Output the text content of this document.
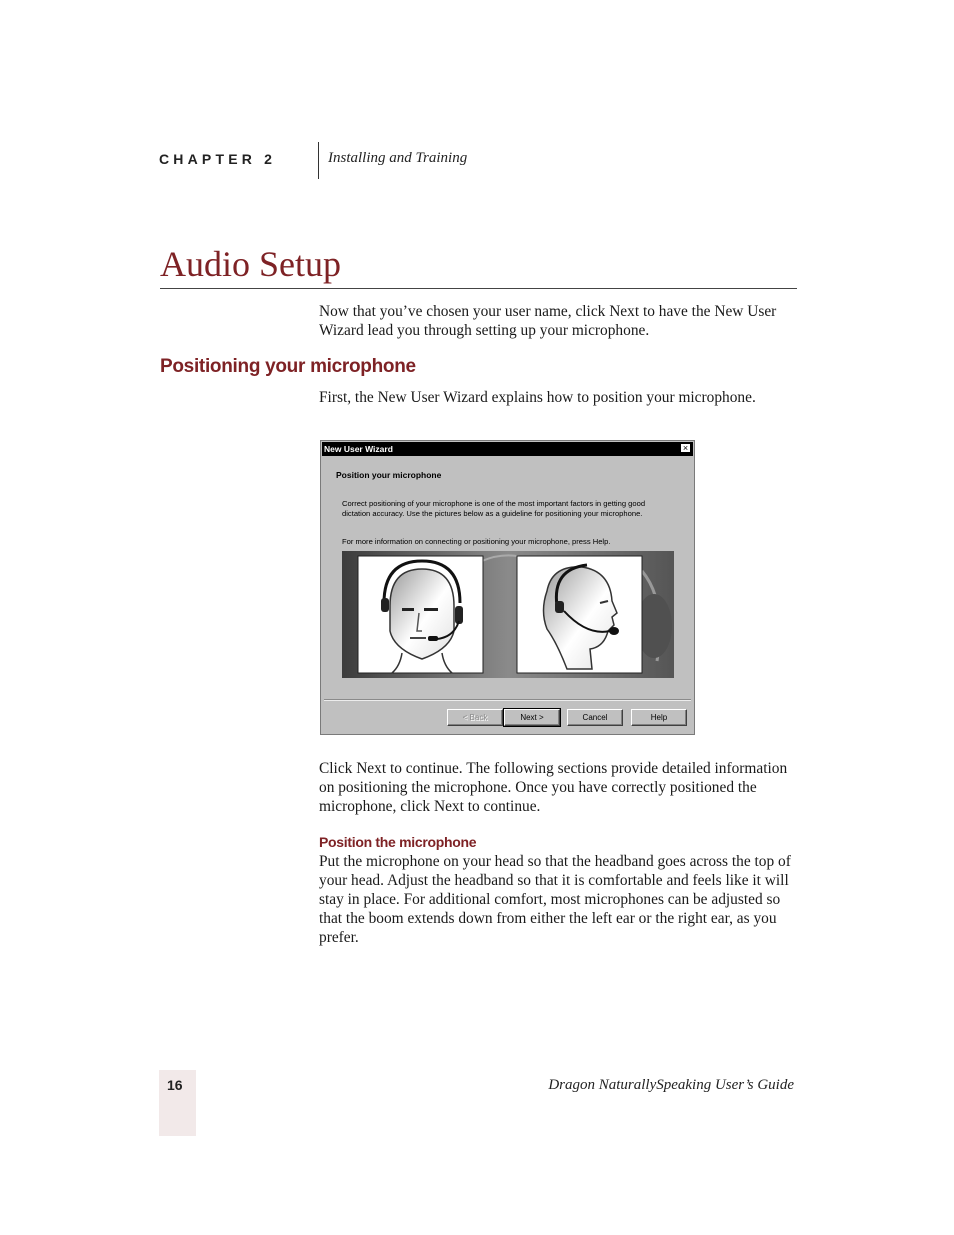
CHAPTER 2	Installing and Training
Audio Setup

Now that you’ve chosen your user name, click Next to have the New User Wizard lead you through setting up your microphone.

Positioning your microphone

First, the New User Wizard explains how to position your microphone.

New User Wizard	×
Position your microphone
Correct positioning of your microphone is one of the most important factors in getting good dictation accuracy. Use the pictures below as a guideline for positioning your microphone.
For more information on connecting or positioning your microphone, press Help.
< Back	Next >	Cancel	Help

Click Next to continue. The following sections provide detailed information on positioning the microphone. Once you have correctly positioned the microphone, click Next to continue.

Position the microphone

Put the microphone on your head so that the headband goes across the top of your head. Adjust the headband so that it is comfortable and feels like it will stay in place. For additional comfort, most microphones can be adjusted so that the boom extends down from either the left ear or the right ear, as you prefer.

16	Dragon NaturallySpeaking User’s Guide
